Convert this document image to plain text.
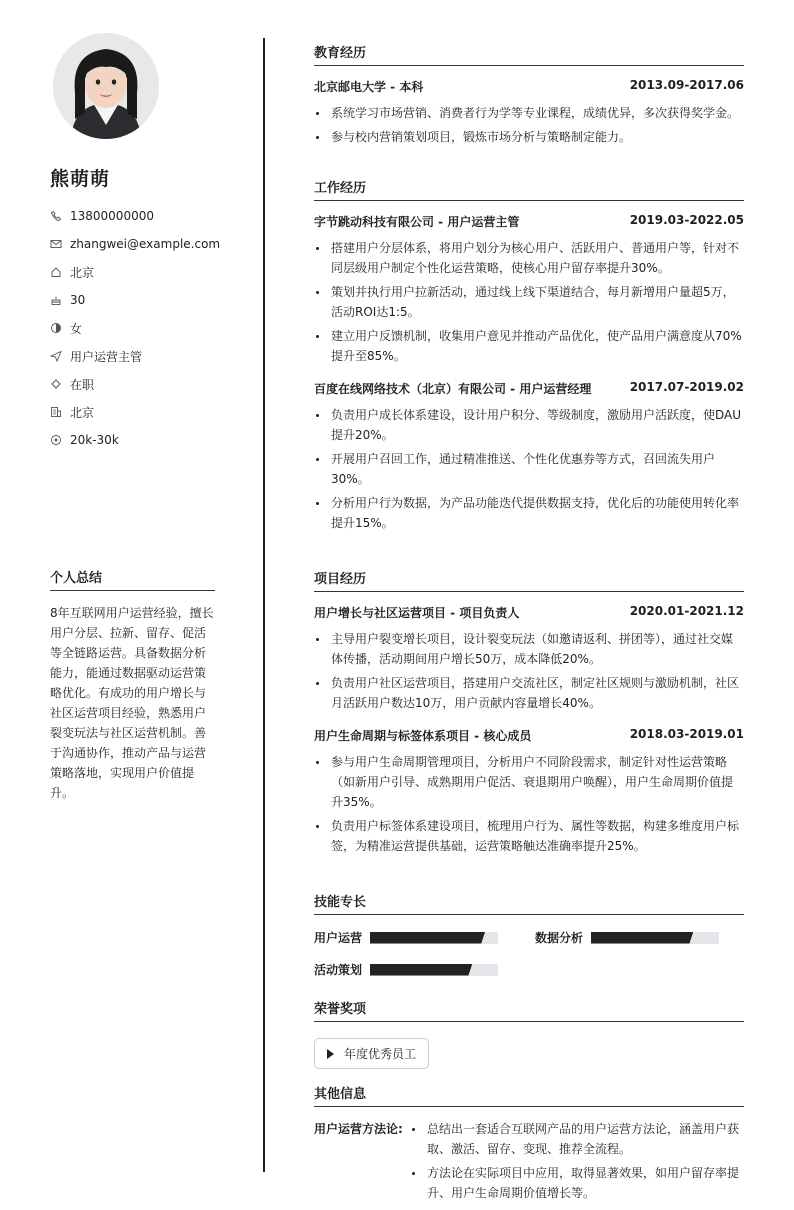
熊萌萌
13800000000
zhangwei@example.com
北京
30
女
用户运营主管
在职
北京
20k-30k
个人总结
8年互联网用户运营经验，擅长用户分层、拉新、留存、促活等全链路运营。具备数据分析能力，能通过数据驱动运营策略优化。有成功的用户增长与社区运营项目经验，熟悉用户裂变玩法与社区运营机制。善于沟通协作，推动产品与运营策略落地，实现用户价值提升。
教育经历
北京邮电大学 - 本科	2013.09-2017.06
系统学习市场营销、消费者行为学等专业课程，成绩优异，多次获得奖学金。
参与校内营销策划项目，锻炼市场分析与策略制定能力。
工作经历
字节跳动科技有限公司 - 用户运营主管	2019.03-2022.05
搭建用户分层体系，将用户划分为核心用户、活跃用户、普通用户等，针对不同层级用户制定个性化运营策略，使核心用户留存率提升30%。
策划并执行用户拉新活动，通过线上线下渠道结合，每月新增用户量超5万，活动ROI达1:5。
建立用户反馈机制，收集用户意见并推动产品优化，使产品用户满意度从70%提升至85%。
百度在线网络技术（北京）有限公司 - 用户运营经理	2017.07-2019.02
负责用户成长体系建设，设计用户积分、等级制度，激励用户活跃度，使DAU提升20%。
开展用户召回工作，通过精准推送、个性化优惠券等方式，召回流失用户30%。
分析用户行为数据，为产品功能迭代提供数据支持，优化后的功能使用转化率提升15%。
项目经历
用户增长与社区运营项目 - 项目负责人	2020.01-2021.12
主导用户裂变增长项目，设计裂变玩法（如邀请返利、拼团等），通过社交媒体传播，活动期间用户增长50万，成本降低20%。
负责用户社区运营项目，搭建用户交流社区，制定社区规则与激励机制，社区月活跃用户数达10万，用户贡献内容量增长40%。
用户生命周期与标签体系项目 - 核心成员	2018.03-2019.01
参与用户生命周期管理项目，分析用户不同阶段需求，制定针对性运营策略（如新用户引导、成熟期用户促活、衰退期用户唤醒），用户生命周期价值提升35%。
负责用户标签体系建设项目，梳理用户行为、属性等数据，构建多维度用户标签，为精准运营提供基础，运营策略触达准确率提升25%。
技能专长
用户运营	数据分析
活动策划
荣誉奖项
年度优秀员工
其他信息
用户运营方法论:	总结出一套适合互联网产品的用户运营方法论，涵盖用户获取、激活、留存、变现、推荐全流程。
方法论在实际项目中应用，取得显著效果，如用户留存率提升、用户生命周期价值增长等。
